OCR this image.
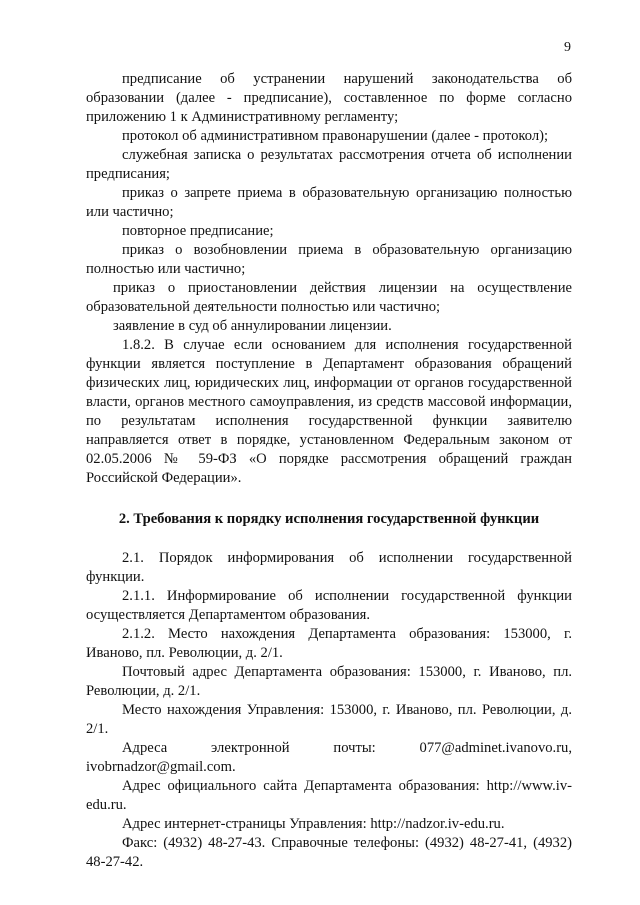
9

предписание об устранении нарушений законодательства об образовании (далее - предписание), составленное по форме согласно приложению 1 к Административному регламенту;

протокол об административном правонарушении (далее - протокол);

служебная записка о результатах рассмотрения отчета об исполнении предписания;

приказ о запрете приема в образовательную организацию полностью или частично;

повторное предписание;

приказ о возобновлении приема в образовательную организацию полностью или частично;

приказ о приостановлении действия лицензии на осуществление образовательной деятельности полностью или частично;

заявление в суд об аннулировании лицензии.

1.8.2. В случае если основанием для исполнения государственной функции является поступление в Департамент образования обращений физических лиц, юридических лиц, информации от органов государственной власти, органов местного самоуправления, из средств массовой информации, по результатам исполнения государственной функции заявителю направляется ответ в порядке, установленном Федеральным законом от 02.05.2006 № 59-ФЗ «О порядке рассмотрения обращений граждан Российской Федерации».

2. Требования к порядку исполнения государственной функции

2.1. Порядок информирования об исполнении государственной функции.

2.1.1. Информирование об исполнении государственной функции осуществляется Департаментом образования.

2.1.2. Место нахождения Департамента образования: 153000, г. Иваново, пл. Революции, д. 2/1.

Почтовый адрес Департамента образования: 153000, г. Иваново, пл. Революции, д. 2/1.

Место нахождения Управления: 153000, г. Иваново, пл. Революции, д. 2/1.

Адреса электронной почты: 077@adminet.ivanovo.ru, ivobrnadzor@gmail.com.

Адрес официального сайта Департамента образования: http://www.iv-edu.ru.

Адрес интернет-страницы Управления: http://nadzor.iv-edu.ru.

Факс: (4932) 48-27-43. Справочные телефоны: (4932) 48-27-41, (4932) 48-27-42.
